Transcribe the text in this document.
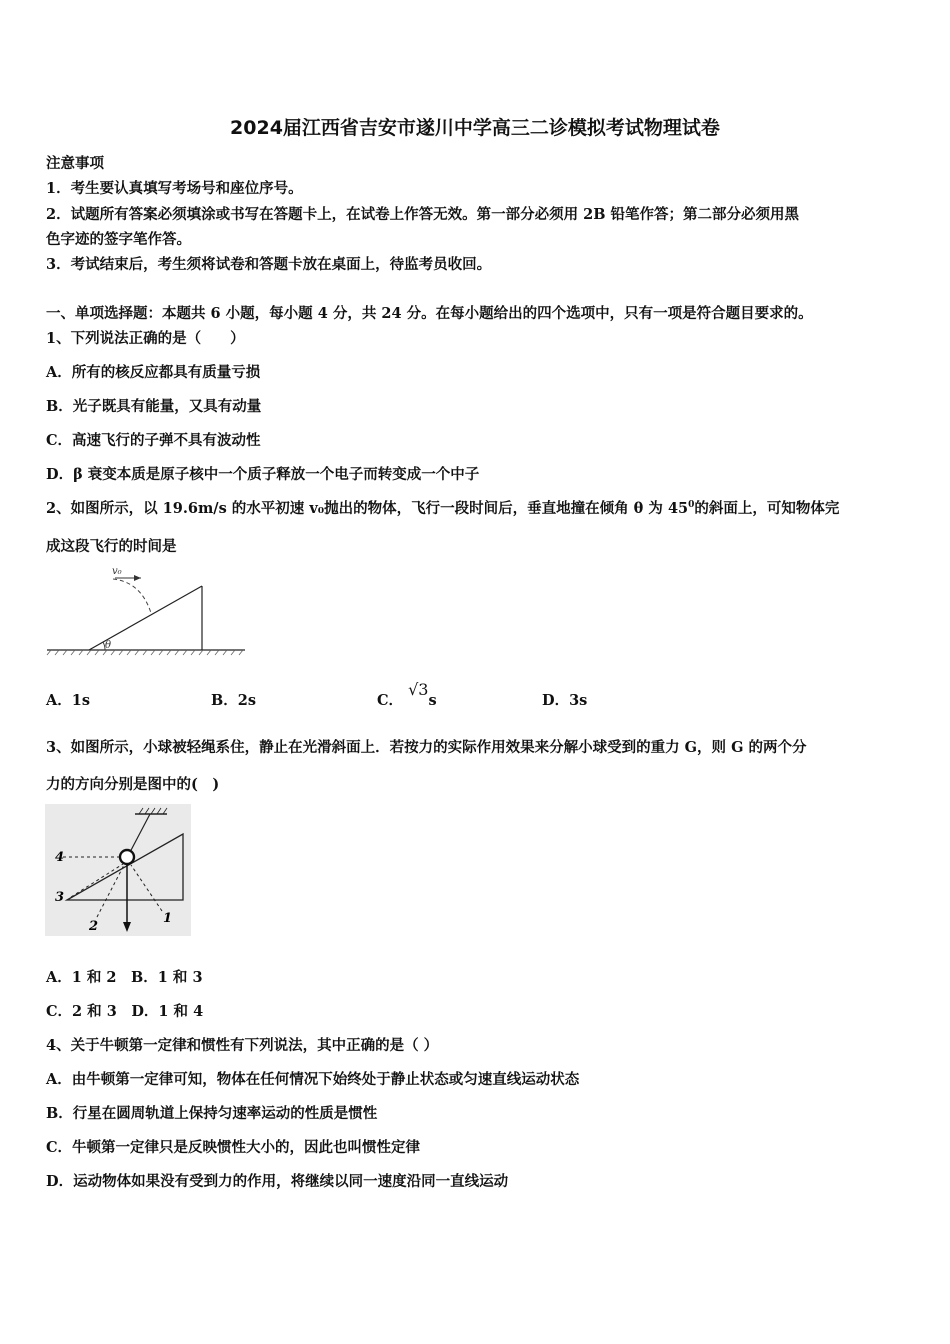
2024届江西省吉安市遂川中学高三二诊模拟考试物理试卷
注意事项
1．考生要认真填写考场号和座位序号。
2．试题所有答案必须填涂或书写在答题卡上，在试卷上作答无效。第一部分必须用 2B 铅笔作答；第二部分必须用黑
色字迹的签字笔作答。
3．考试结束后，考生须将试卷和答题卡放在桌面上，待监考员收回。
一、单项选择题：本题共 6 小题，每小题 4 分，共 24 分。在每小题给出的四个选项中，只有一项是符合题目要求的。
1、下列说法正确的是（　　）
A．所有的核反应都具有质量亏损
B．光子既具有能量，又具有动量
C．高速飞行的子弹不具有波动性
D．β 衰变本质是原子核中一个质子释放一个电子而转变成一个中子
2、如图所示，以 19.6m/s 的水平初速 v₀抛出的物体，飞行一段时间后，垂直地撞在倾角 θ 为 $45^0$的斜面上，可知物体完
成这段飞行的时间是
θ
v₀
A．1s	B．2s	C． √3s	D．3s
3、如图所示，小球被轻绳系住，静止在光滑斜面上．若按力的实际作用效果来分解小球受到的重力 G，则 G 的两个分
力的方向分别是图中的(　)
4
3
2
1
A．1 和 2　B．1 和 3
C．2 和 3　D．1 和 4
4、关于牛顿第一定律和惯性有下列说法，其中正确的是（ ）
A．由牛顿第一定律可知，物体在任何情况下始终处于静止状态或匀速直线运动状态
B．行星在圆周轨道上保持匀速率运动的性质是惯性
C．牛顿第一定律只是反映惯性大小的，因此也叫惯性定律
D．运动物体如果没有受到力的作用，将继续以同一速度沿同一直线运动
